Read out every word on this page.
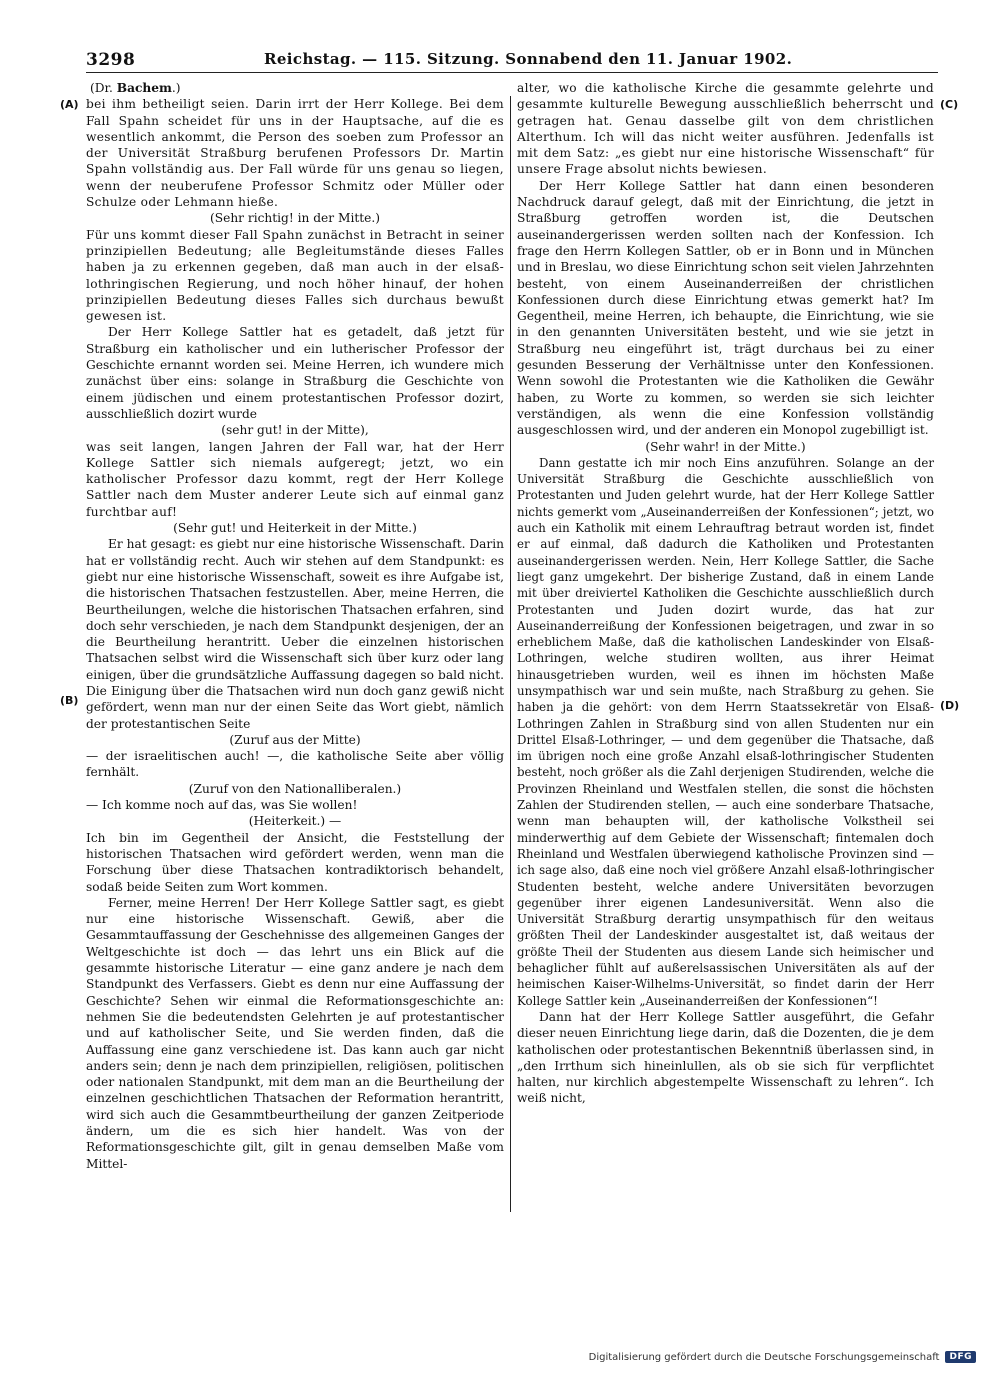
3298	Reichstag. — 115. Sitzung. Sonnabend den 11. Januar 1902.
(A)
(B)
(C)
(D)
(Dr. Bachem.)

bei ihm betheiligt seien. Darin irrt der Herr Kollege. Bei dem Fall Spahn scheidet für uns in der Hauptsache, auf die es wesentlich ankommt, die Person des soeben zum Professor an der Universität Straßburg berufenen Professors Dr. Martin Spahn vollständig aus. Der Fall würde für uns genau so liegen, wenn der neuberufene Professor Schmitz oder Müller oder Schulze oder Lehmann hieße.

(Sehr richtig! in der Mitte.)

Für uns kommt dieser Fall Spahn zunächst in Betracht in seiner prinzipiellen Bedeutung; alle Begleitumstände dieses Falles haben ja zu erkennen gegeben, daß man auch in der elsaß-lothringischen Regierung, und noch höher hinauf, der hohen prinzipiellen Bedeutung dieses Falles sich durchaus bewußt gewesen ist.

Der Herr Kollege Sattler hat es getadelt, daß jetzt für Straßburg ein katholischer und ein lutherischer Professor der Geschichte ernannt worden sei. Meine Herren, ich wundere mich zunächst über eins: solange in Straßburg die Geschichte von einem jüdischen und einem protestantischen Professor dozirt, ausschließlich dozirt wurde

(sehr gut! in der Mitte),

was seit langen, langen Jahren der Fall war, hat der Herr Kollege Sattler sich niemals aufgeregt; jetzt, wo ein katholischer Professor dazu kommt, regt der Herr Kollege Sattler nach dem Muster anderer Leute sich auf einmal ganz furchtbar auf!

(Sehr gut! und Heiterkeit in der Mitte.)

Er hat gesagt: es giebt nur eine historische Wissenschaft. Darin hat er vollständig recht. Auch wir stehen auf dem Standpunkt: es giebt nur eine historische Wissenschaft, soweit es ihre Aufgabe ist, die historischen Thatsachen festzustellen. Aber, meine Herren, die Beurtheilungen, welche die historischen Thatsachen erfahren, sind doch sehr verschieden, je nach dem Standpunkt desjenigen, der an die Beurtheilung herantritt. Ueber die einzelnen historischen Thatsachen selbst wird die Wissenschaft sich über kurz oder lang einigen, über die grundsätzliche Auffassung dagegen so bald nicht. Die Einigung über die Thatsachen wird nun doch ganz gewiß nicht gefördert, wenn man nur der einen Seite das Wort giebt, nämlich der protestantischen Seite

(Zuruf aus der Mitte)

— der israelitischen auch! —, die katholische Seite aber völlig fernhält.

(Zuruf von den Nationalliberalen.)

— Ich komme noch auf das, was Sie wollen!

(Heiterkeit.) —

Ich bin im Gegentheil der Ansicht, die Feststellung der historischen Thatsachen wird gefördert werden, wenn man die Forschung über diese Thatsachen kontradiktorisch behandelt, sodaß beide Seiten zum Wort kommen.

Ferner, meine Herren! Der Herr Kollege Sattler sagt, es giebt nur eine historische Wissenschaft. Gewiß, aber die Gesammtauffassung der Geschehnisse des allgemeinen Ganges der Weltgeschichte ist doch — das lehrt uns ein Blick auf die gesammte historische Literatur — eine ganz andere je nach dem Standpunkt des Verfassers. Giebt es denn nur eine Auffassung der Geschichte? Sehen wir einmal die Reformationsgeschichte an: nehmen Sie die bedeutendsten Gelehrten je auf protestantischer und auf katholischer Seite, und Sie werden finden, daß die Auffassung eine ganz verschiedene ist. Das kann auch gar nicht anders sein; denn je nach dem prinzipiellen, religiösen, politischen oder nationalen Standpunkt, mit dem man an die Beurtheilung der einzelnen geschichtlichen Thatsachen der Reformation herantritt, wird sich auch die Gesammtbeurtheilung der ganzen Zeitperiode ändern, um die es sich hier handelt. Was von der Reformationsgeschichte gilt, gilt in genau demselben Maße vom Mittel-

alter, wo die katholische Kirche die gesammte gelehrte und gesammte kulturelle Bewegung ausschließlich beherrscht und getragen hat. Genau dasselbe gilt von dem christlichen Alterthum. Ich will das nicht weiter ausführen. Jedenfalls ist mit dem Satz: „es giebt nur eine historische Wissenschaft“ für unsere Frage absolut nichts bewiesen.

Der Herr Kollege Sattler hat dann einen besonderen Nachdruck darauf gelegt, daß mit der Einrichtung, die jetzt in Straßburg getroffen worden ist, die Deutschen auseinandergerissen werden sollten nach der Konfession. Ich frage den Herrn Kollegen Sattler, ob er in Bonn und in München und in Breslau, wo diese Einrichtung schon seit vielen Jahrzehnten besteht, von einem Auseinanderreißen der christlichen Konfessionen durch diese Einrichtung etwas gemerkt hat? Im Gegentheil, meine Herren, ich behaupte, die Einrichtung, wie sie in den genannten Universitäten besteht, und wie sie jetzt in Straßburg neu eingeführt ist, trägt durchaus bei zu einer gesunden Besserung der Verhältnisse unter den Konfessionen. Wenn sowohl die Protestanten wie die Katholiken die Gewähr haben, zu Worte zu kommen, so werden sie sich leichter verständigen, als wenn die eine Konfession vollständig ausgeschlossen wird, und der anderen ein Monopol zugebilligt ist.

(Sehr wahr! in der Mitte.)

Dann gestatte ich mir noch Eins anzuführen. Solange an der Universität Straßburg die Geschichte ausschließlich von Protestanten und Juden gelehrt wurde, hat der Herr Kollege Sattler nichts gemerkt vom „Auseinanderreißen der Konfessionen“; jetzt, wo auch ein Katholik mit einem Lehrauftrag betraut worden ist, findet er auf einmal, daß dadurch die Katholiken und Protestanten auseinandergerissen werden. Nein, Herr Kollege Sattler, die Sache liegt ganz umgekehrt. Der bisherige Zustand, daß in einem Lande mit über dreiviertel Katholiken die Geschichte ausschließlich durch Protestanten und Juden dozirt wurde, das hat zur Auseinanderreißung der Konfessionen beigetragen, und zwar in so erheblichem Maße, daß die katholischen Landeskinder von Elsaß-Lothringen, welche studiren wollten, aus ihrer Heimat hinausgetrieben wurden, weil es ihnen im höchsten Maße unsympathisch war und sein mußte, nach Straßburg zu gehen. Sie haben ja die gehört: von dem Herrn Staatssekretär von Elsaß-Lothringen Zahlen in Straßburg sind von allen Studenten nur ein Drittel Elsaß-Lothringer, — und dem gegenüber die Thatsache, daß im übrigen noch eine große Anzahl elsaß-lothringischer Studenten besteht, noch größer als die Zahl derjenigen Studirenden, welche die Provinzen Rheinland und Westfalen stellen, die sonst die höchsten Zahlen der Studirenden stellen, — auch eine sonderbare Thatsache, wenn man behaupten will, der katholische Volkstheil sei minderwerthig auf dem Gebiete der Wissenschaft; fintemalen doch Rheinland und Westfalen überwiegend katholische Provinzen sind — ich sage also, daß eine noch viel größere Anzahl elsaß-lothringischer Studenten besteht, welche andere Universitäten bevorzugen gegenüber ihrer eigenen Landesuniversität. Wenn also die Universität Straßburg derartig unsympathisch für den weitaus größten Theil der Landeskinder ausgestaltet ist, daß weitaus der größte Theil der Studenten aus diesem Lande sich heimischer und behaglicher fühlt auf außerelsassischen Universitäten als auf der heimischen Kaiser-Wilhelms-Universität, so findet darin der Herr Kollege Sattler kein „Auseinanderreißen der Konfessionen“!

Dann hat der Herr Kollege Sattler ausgeführt, die Gefahr dieser neuen Einrichtung liege darin, daß die Dozenten, die je dem katholischen oder protestantischen Bekenntniß überlassen sind, in „den Irrthum sich hineinlullen, als ob sie sich für verpflichtet halten, nur kirchlich abgestempelte Wissenschaft zu lehren“. Ich weiß nicht,

Digitalisierung gefördert durch die Deutsche Forschungsgemeinschaft	DFG
